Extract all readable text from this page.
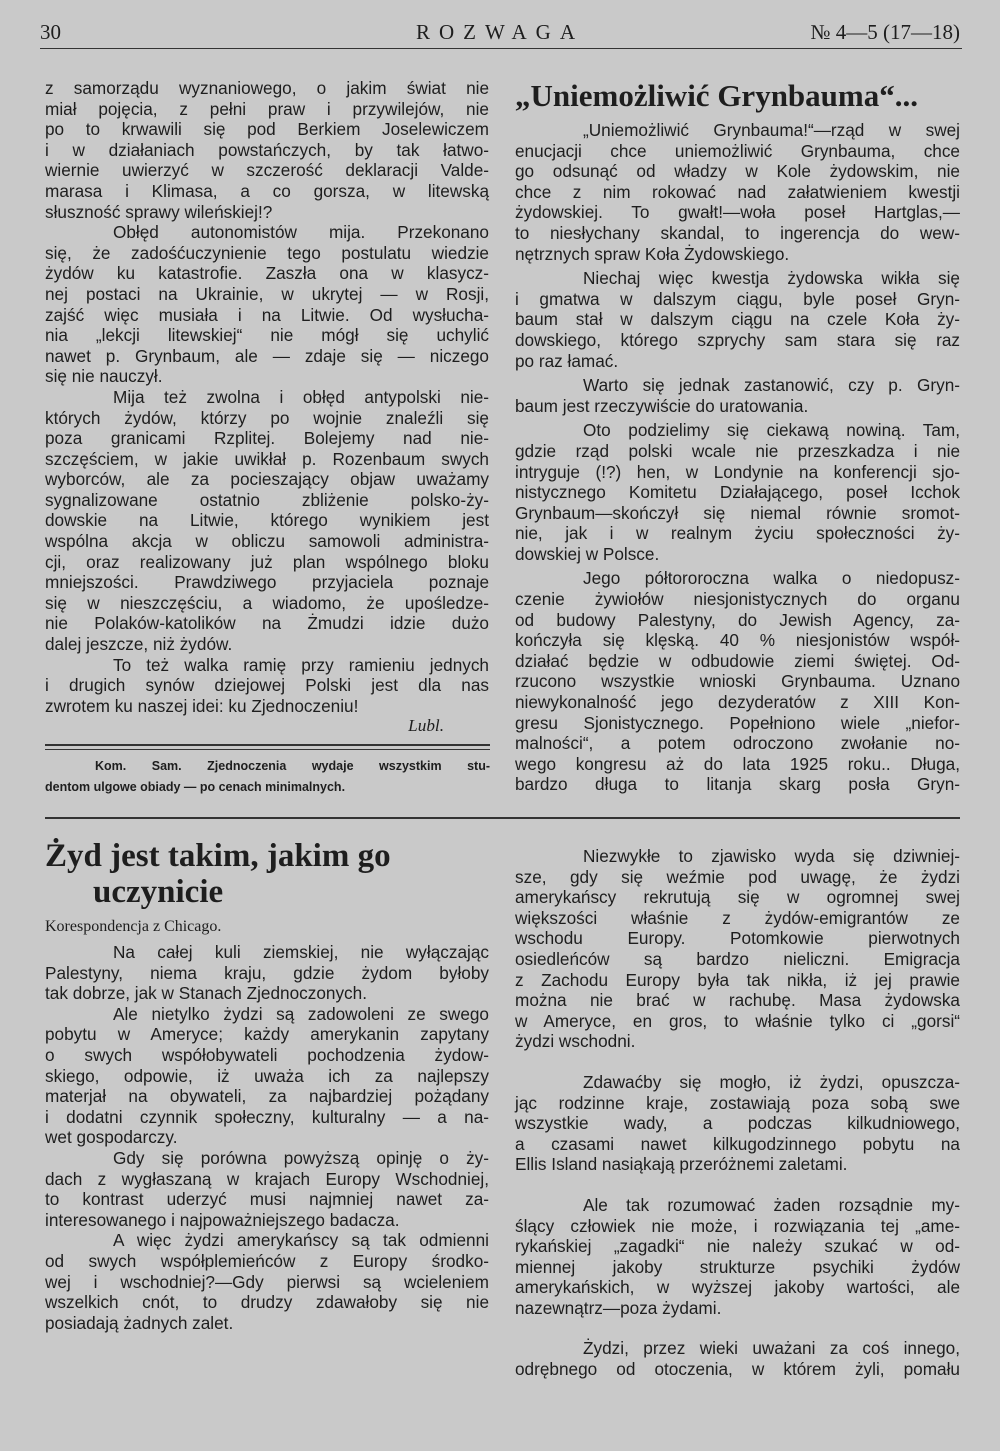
30	ROZWAGA	№ 4—5 (17—18)
z samorządu wyznaniowego, o jakim świat nie
miał pojęcia, z pełni praw i przywilejów, nie
po to krwawili się pod Berkiem Joselewiczem
i w działaniach powstańczych, by tak łatwo-
wiernie uwierzyć w szczerość deklaracji Valde-
marasa i Klimasa, a co gorsza, w litewską
słuszność sprawy wileńskiej!?
Obłęd autonomistów mija. Przekonano
się, że zadośćuczynienie tego postulatu wiedzie
żydów ku katastrofie. Zaszła ona w klasycz-
nej postaci na Ukrainie, w ukrytej — w Rosji,
zajść więc musiała i na Litwie. Od wysłucha-
nia „lekcji litewskiej“ nie mógł się uchylić
nawet p. Grynbaum, ale — zdaje się — niczego
się nie nauczył.
Mija też zwolna i obłęd antypolski nie-
których żydów, którzy po wojnie znaleźli się
poza granicami Rzplitej. Bolejemy nad nie-
szczęściem, w jakie uwikłał p. Rozenbaum swych
wyborców, ale za pocieszający objaw uważamy
sygnalizowane ostatnio zbliżenie polsko-ży-
dowskie na Litwie, którego wynikiem jest
wspólna akcja w obliczu samowoli administra-
cji, oraz realizowany już plan wspólnego bloku
mniejszości. Prawdziwego przyjaciela poznaje
się w nieszczęściu, a wiadomo, że upośledze-
nie Polaków-katolików na Żmudzi idzie dużo
dalej jeszcze, niż żydów.
To też walka ramię przy ramieniu jednych
i drugich synów dziejowej Polski jest dla nas
zwrotem ku naszej idei: ku Zjednoczeniu!
Lubl.
Kom. Sam. Zjednoczenia wydaje wszystkim stu-
dentom ulgowe obiady — po cenach minimalnych.
„Uniemożliwić Grynbauma“...
„Uniemożliwić Grynbauma!“—rząd w swej
enucjacji chce uniemożliwić Grynbauma, chce
go odsunąć od władzy w Kole żydowskim, nie
chce z nim rokować nad załatwieniem kwestji
żydowskiej. To gwałt!—woła poseł Hartglas,—
to niesłychany skandal, to ingerencja do wew-
nętrznych spraw Koła Żydowskiego.
Niechaj więc kwestja żydowska wikła się
i gmatwa w dalszym ciągu, byle poseł Gryn-
baum stał w dalszym ciągu na czele Koła ży-
dowskiego, którego szprychy sam stara się raz
po raz łamać.
Warto się jednak zastanowić, czy p. Gryn-
baum jest rzeczywiście do uratowania.
Oto podzielimy się ciekawą nowiną. Tam,
gdzie rząd polski wcale nie przeszkadza i nie
intryguje (!?) hen, w Londynie na konferencji sjo-
nistycznego Komitetu Działającego, poseł Icchok
Grynbaum—skończył się niemal równie sromot-
nie, jak i w realnym życiu społeczności ży-
dowskiej w Polsce.
Jego półtororoczna walka o niedopusz-
czenie żywiołów niesjonistycznych do organu
od budowy Palestyny, do Jewish Agency, za-
kończyła się klęską. 40 % niesjonistów współ-
działać będzie w odbudowie ziemi świętej. Od-
rzucono wszystkie wnioski Grynbauma. Uznano
niewykonalność jego dezyderatów z XIII Kon-
gresu Sjonistycznego. Popełniono wiele „niefor-
malności“, a potem odroczono zwołanie no-
wego kongresu aż do lata 1925 roku.. Długa,
bardzo długa to litanja skarg posła Gryn-
Żyd jest takim, jakim go
uczynicie
Korespondencja z Chicago.
Na całej kuli ziemskiej, nie wyłączając
Palestyny, niema kraju, gdzie żydom byłoby
tak dobrze, jak w Stanach Zjednoczonych.
Ale nietylko żydzi są zadowoleni ze swego
pobytu w Ameryce; każdy amerykanin zapytany
o swych współobywateli pochodzenia żydow-
skiego, odpowie, iż uważa ich za najlepszy
materjał na obywateli, za najbardziej pożądany
i dodatni czynnik społeczny, kulturalny — a na-
wet gospodarczy.
Gdy się porówna powyższą opinję o ży-
dach z wygłaszaną w krajach Europy Wschodniej,
to kontrast uderzyć musi najmniej nawet za-
interesowanego i najpoważniejszego badacza.
A więc żydzi amerykańscy są tak odmienni
od swych współplemieńców z Europy środko-
wej i wschodniej?—Gdy pierwsi są wcieleniem
wszelkich cnót, to drudzy zdawałoby się nie
posiadają żadnych zalet.
Niezwykłe to zjawisko wyda się dziwniej-
sze, gdy się weźmie pod uwagę, że żydzi
amerykańscy rekrutują się w ogromnej swej
większości właśnie z żydów-emigrantów ze
wschodu Europy. Potomkowie pierwotnych
osiedleńców są bardzo nieliczni. Emigracja
z Zachodu Europy była tak nikła, iż jej prawie
można nie brać w rachubę. Masa żydowska
w Ameryce, en gros, to właśnie tylko ci „gorsi“
żydzi wschodni.
Zdawaćby się mogło, iż żydzi, opuszcza-
jąc rodzinne kraje, zostawiają poza sobą swe
wszystkie wady, a podczas kilkudniowego,
a czasami nawet kilkugodzinnego pobytu na
Ellis Island nasiąkają przeróżnemi zaletami.
Ale tak rozumować żaden rozsądnie my-
ślący człowiek nie może, i rozwiązania tej „ame-
rykańskiej „zagadki“ nie należy szukać w od-
miennej jakoby strukturze psychiki żydów
amerykańskich, w wyższej jakoby wartości, ale
nazewnątrz—poza żydami.
Żydzi, przez wieki uważani za coś innego,
odrębnego od otoczenia, w którem żyli, pomału
